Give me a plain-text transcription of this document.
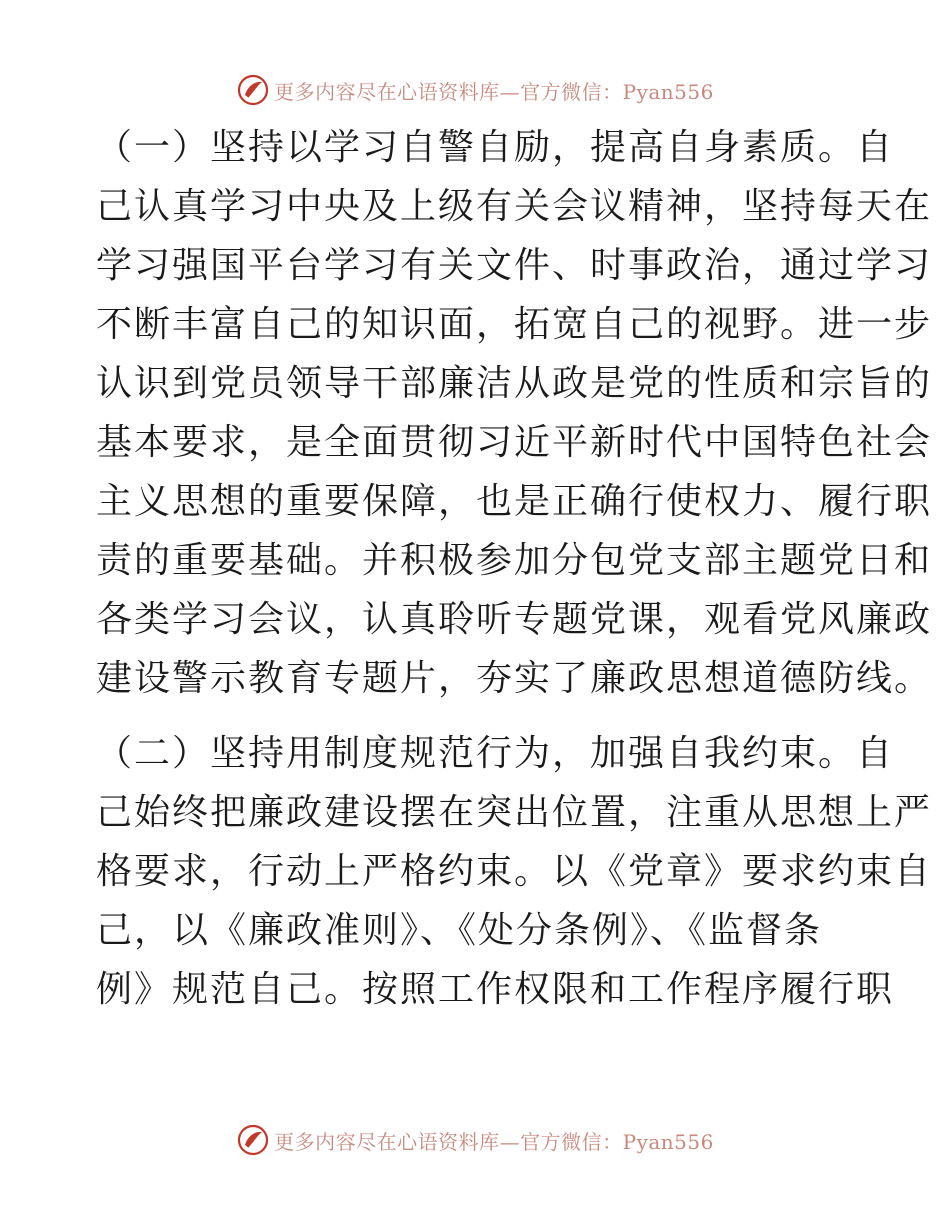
更多内容尽在心语资料库—官方微信：Pyan556
（一）坚持以学习自警自励，提高自身素质。自
己认真学习中央及上级有关会议精神，坚持每天在
学习强国平台学习有关文件、时事政治，通过学习
不断丰富自己的知识面，拓宽自己的视野。进一步
认识到党员领导干部廉洁从政是党的性质和宗旨的
基本要求，是全面贯彻习近平新时代中国特色社会
主义思想的重要保障，也是正确行使权力、履行职
责的重要基础。并积极参加分包党支部主题党日和
各类学习会议，认真聆听专题党课，观看党风廉政
建设警示教育专题片，夯实了廉政思想道德防线。
（二）坚持用制度规范行为，加强自我约束。自
己始终把廉政建设摆在突出位置，注重从思想上严
格要求，行动上严格约束。以《党章》要求约束自
己，以《廉政准则》、《处分条例》、《监督条
例》规范自己。按照工作权限和工作程序履行职
更多内容尽在心语资料库—官方微信：Pyan556
